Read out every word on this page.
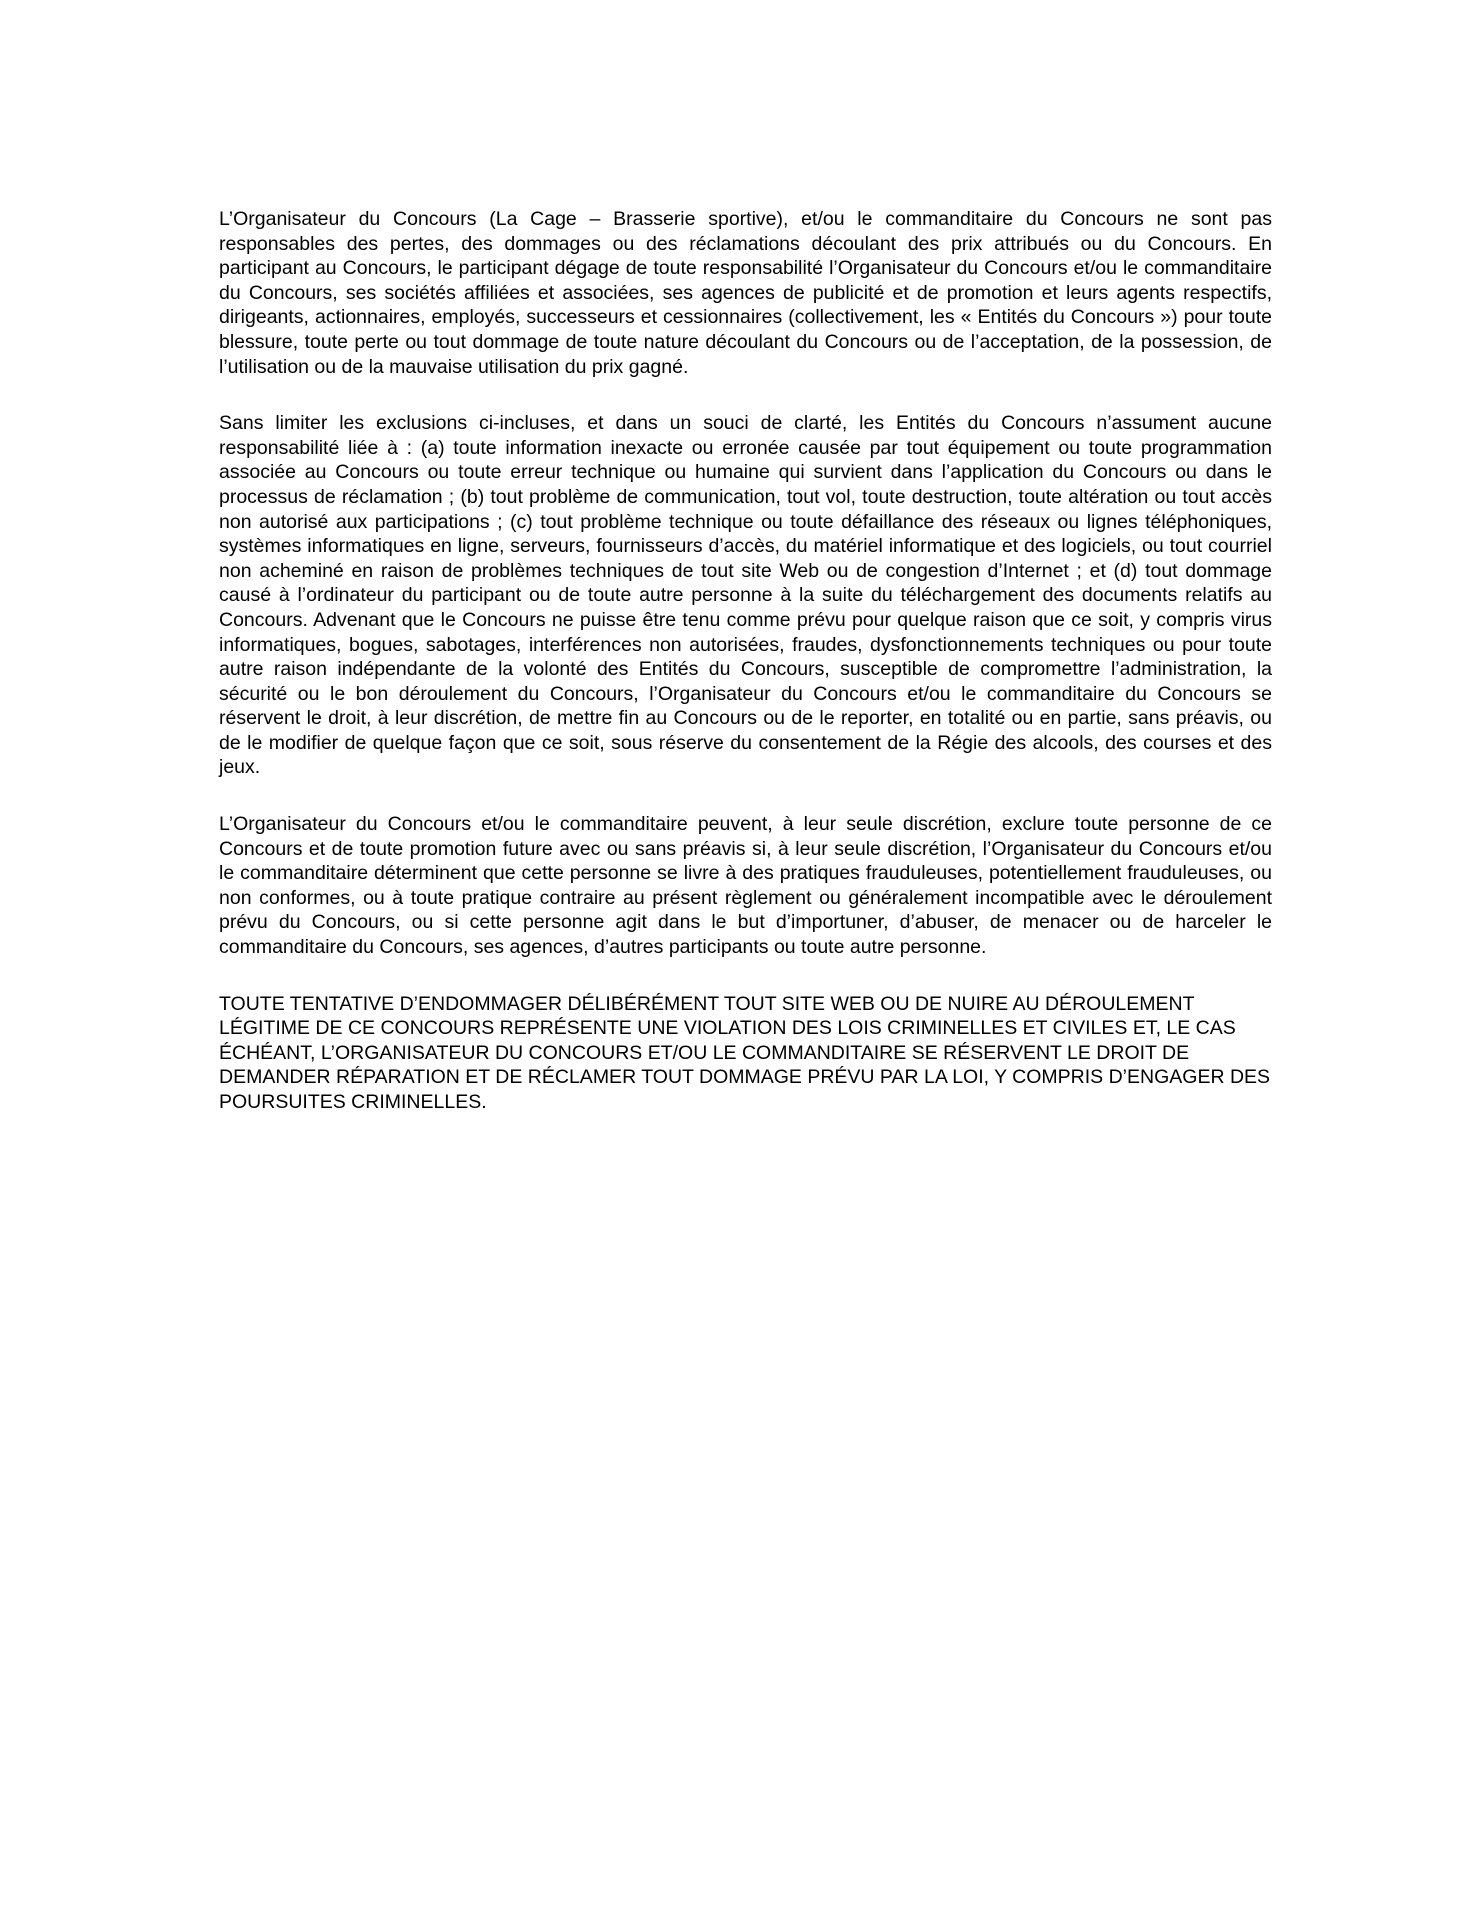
L’Organisateur du Concours (La Cage – Brasserie sportive), et/ou le commanditaire du Concours ne sont pas responsables des pertes, des dommages ou des réclamations découlant des prix attribués ou du Concours. En participant au Concours, le participant dégage de toute responsabilité l’Organisateur du Concours et/ou le commanditaire du Concours, ses sociétés affiliées et associées, ses agences de publicité et de promotion et leurs agents respectifs, dirigeants, actionnaires, employés, successeurs et cessionnaires (collectivement, les « Entités du Concours ») pour toute blessure, toute perte ou tout dommage de toute nature découlant du Concours ou de l’acceptation, de la possession, de l’utilisation ou de la mauvaise utilisation du prix gagné.

Sans limiter les exclusions ci-incluses, et dans un souci de clarté, les Entités du Concours n’assument aucune responsabilité liée à : (a) toute information inexacte ou erronée causée par tout équipement ou toute programmation associée au Concours ou toute erreur technique ou humaine qui survient dans l’application du Concours ou dans le processus de réclamation ; (b) tout problème de communication, tout vol, toute destruction, toute altération ou tout accès non autorisé aux participations ; (c) tout problème technique ou toute défaillance des réseaux ou lignes téléphoniques, systèmes informatiques en ligne, serveurs, fournisseurs d’accès, du matériel informatique et des logiciels, ou tout courriel non acheminé en raison de problèmes techniques de tout site Web ou de congestion d’Internet ; et (d) tout dommage causé à l’ordinateur du participant ou de toute autre personne à la suite du téléchargement des documents relatifs au Concours. Advenant que le Concours ne puisse être tenu comme prévu pour quelque raison que ce soit, y compris virus informatiques, bogues, sabotages, interférences non autorisées, fraudes, dysfonctionnements techniques ou pour toute autre raison indépendante de la volonté des Entités du Concours, susceptible de compromettre l’administration, la sécurité ou le bon déroulement du Concours, l’Organisateur du Concours et/ou le commanditaire du Concours se réservent le droit, à leur discrétion, de mettre fin au Concours ou de le reporter, en totalité ou en partie, sans préavis, ou de le modifier de quelque façon que ce soit, sous réserve du consentement de la Régie des alcools, des courses et des jeux.

L’Organisateur du Concours et/ou le commanditaire peuvent, à leur seule discrétion, exclure toute personne de ce Concours et de toute promotion future avec ou sans préavis si, à leur seule discrétion, l’Organisateur du Concours et/ou le commanditaire déterminent que cette personne se livre à des pratiques frauduleuses, potentiellement frauduleuses, ou non conformes, ou à toute pratique contraire au présent règlement ou généralement incompatible avec le déroulement prévu du Concours, ou si cette personne agit dans le but d’importuner, d’abuser, de menacer ou de harceler le commanditaire du Concours, ses agences, d’autres participants ou toute autre personne.

TOUTE TENTATIVE D’ENDOMMAGER DÉLIBÉRÉMENT TOUT SITE WEB OU DE NUIRE AU DÉROULEMENT LÉGITIME DE CE CONCOURS REPRÉSENTE UNE VIOLATION DES LOIS CRIMINELLES ET CIVILES ET, LE CAS ÉCHÉANT, L’ORGANISATEUR DU CONCOURS ET/OU LE COMMANDITAIRE SE RÉSERVENT LE DROIT DE DEMANDER RÉPARATION ET DE RÉCLAMER TOUT DOMMAGE PRÉVU PAR LA LOI, Y COMPRIS D’ENGAGER DES POURSUITES CRIMINELLES.
